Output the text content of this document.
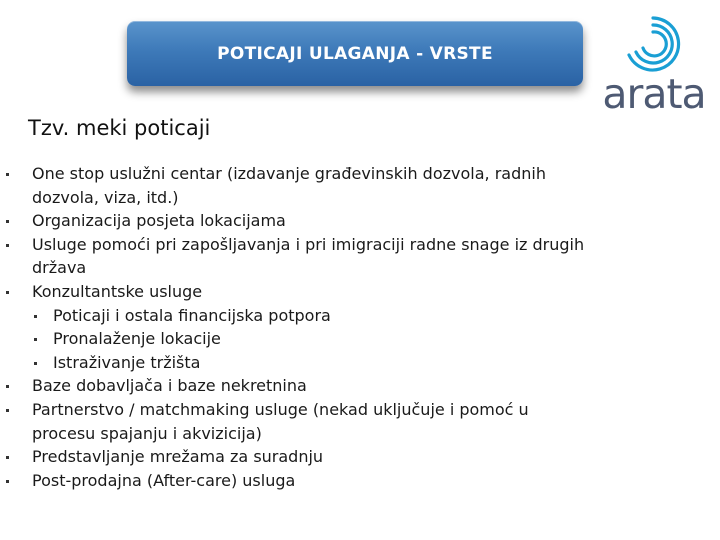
POTICAJI ULAGANJA - VRSTE
arata
Tzv. meki poticaji
One stop uslužni centar (izdavanje građevinskih dozvola, radnih
dozvola, viza, itd.)
Organizacija posjeta lokacijama
Usluge pomoći pri zapošljavanja i pri imigraciji radne snage iz drugih
država
Konzultantske usluge
Poticaji i ostala financijska potpora
Pronalaženje lokacije
Istraživanje tržišta
Baze dobavljača i baze nekretnina
Partnerstvo / matchmaking usluge (nekad uključuje i pomoć u
procesu spajanju i akvizicija)
Predstavljanje mrežama za suradnju
Post-prodajna (After-care) usluga
